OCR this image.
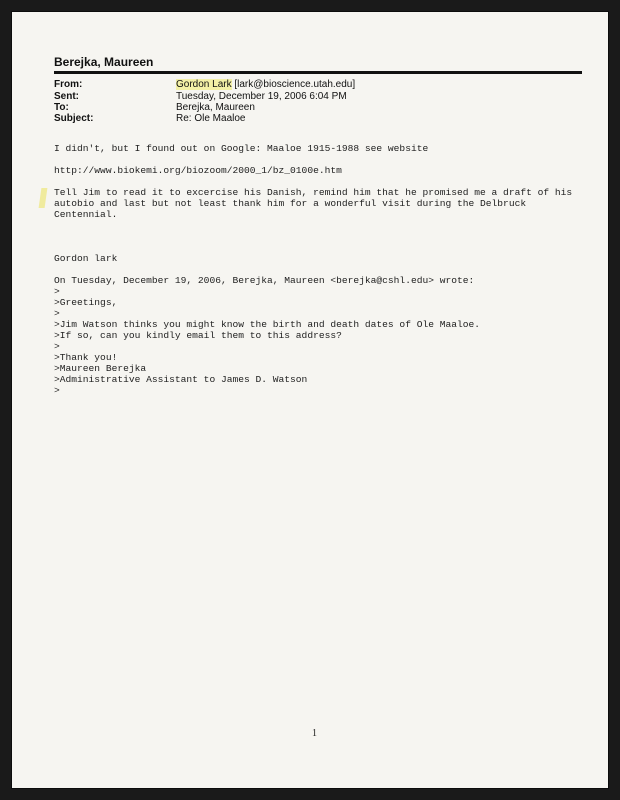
Berejka, Maureen
From:	Gordon Lark [lark@bioscience.utah.edu]
Sent:	Tuesday, December 19, 2006 6:04 PM
To:	Berejka, Maureen
Subject:	Re: Ole Maaloe
I didn't, but I found out on Google: Maaloe 1915-1988 see website
http://www.biokemi.org/biozoom/2000_1/bz_0100e.htm
Tell Jim to read it to excercise his Danish, remind him that he promised me a draft of his
autobio and last but not least thank him for a wonderful visit during the Delbruck
Centennial.
Gordon lark
On Tuesday, December 19, 2006, Berejka, Maureen <berejka@cshl.edu> wrote:
>
>Greetings,
>
>Jim Watson thinks you might know the birth and death dates of Ole Maaloe.
>If so, can you kindly email them to this address?
>
>Thank you!
>Maureen Berejka
>Administrative Assistant to James D. Watson
>
1
